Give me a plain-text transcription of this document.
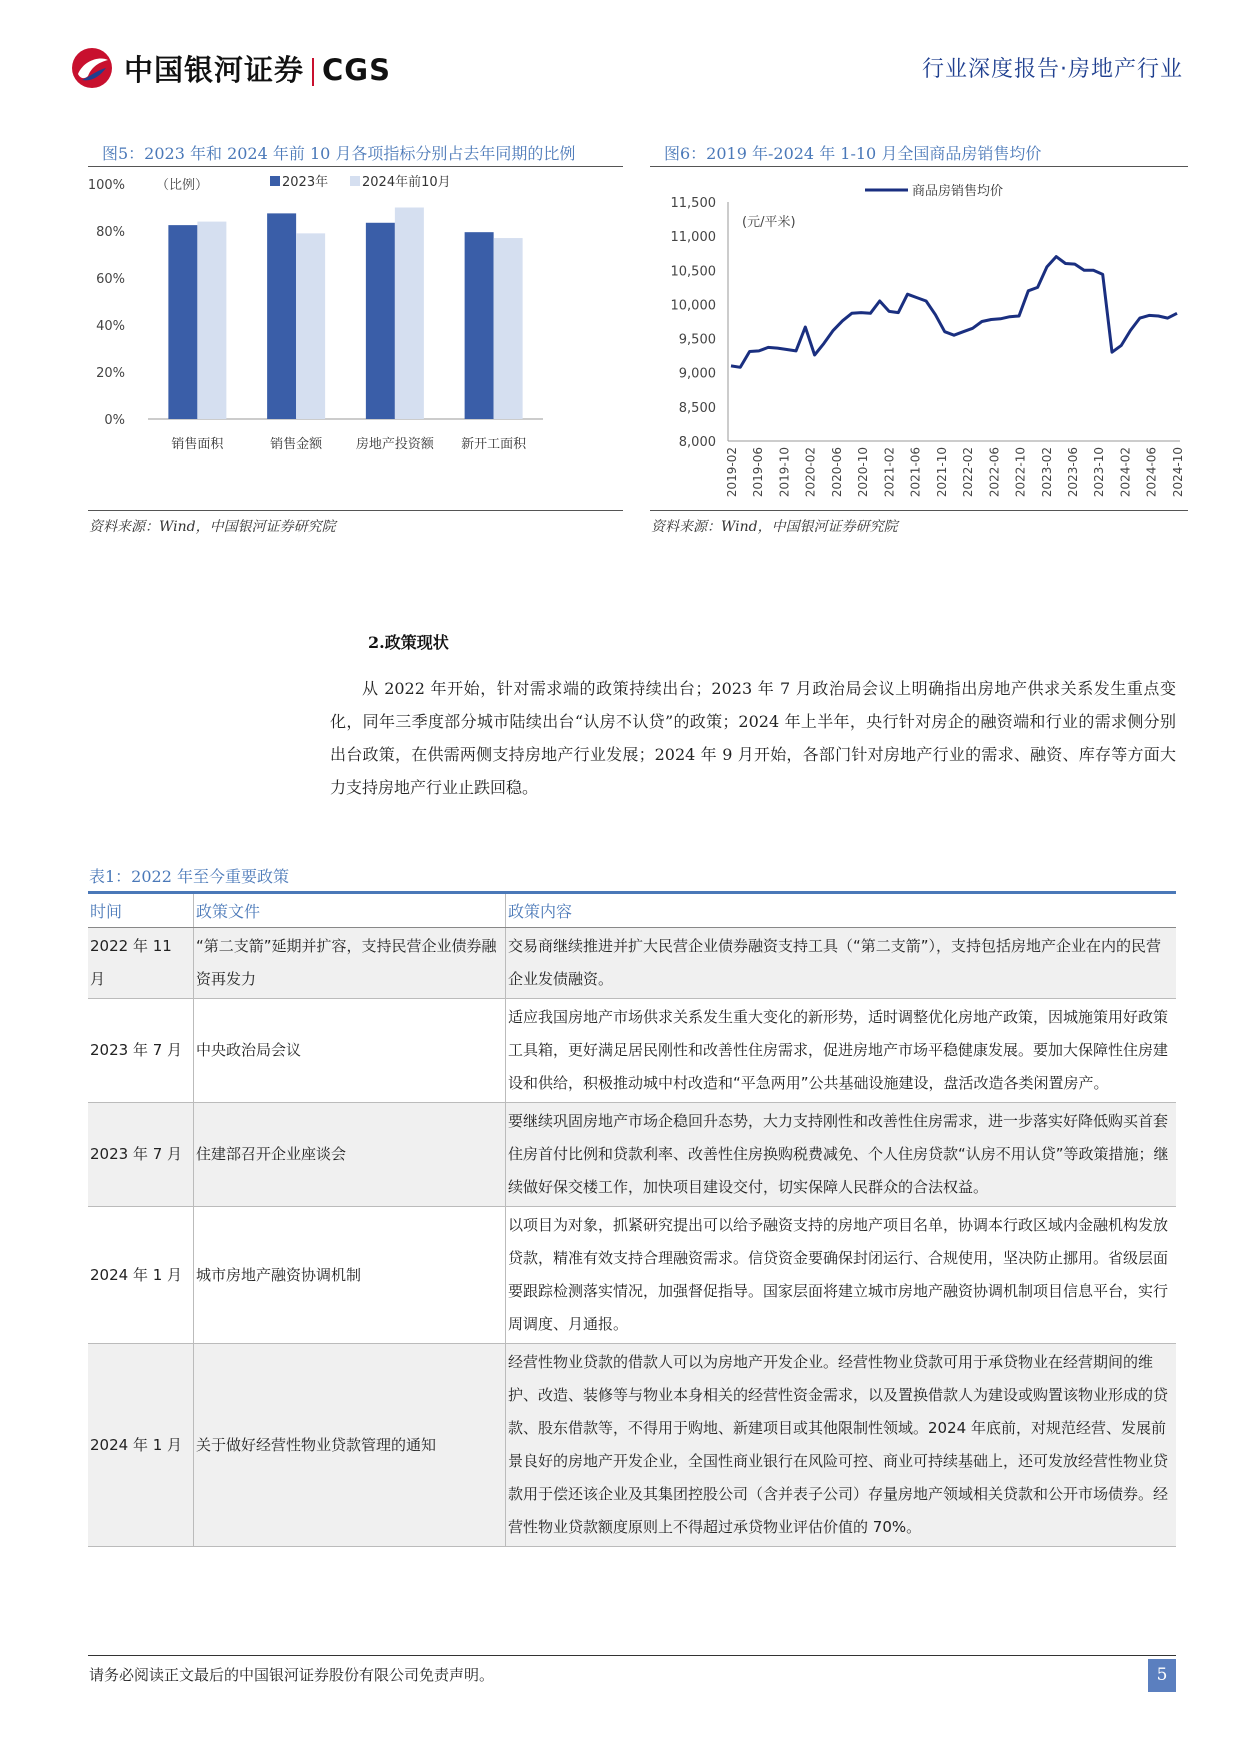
中国银河证券 CGS	行业深度报告·房地产行业
图5：2023 年和 2024 年前 10 月各项指标分别占去年同期的比例
0%
20%
40%
60%
80%
100% （比例）
销售面积	销售金额	房地产投资额 新开工面积
2023年	2024年前10月
资料来源：Wind，中国银河证券研究院
图6：2019 年-2024 年 1-10 月全国商品房销售均价
8,000
8,500
9,000
9,500
10,000
10,500
11,000
11,500
(元/平米)
2019-02 2019-06 2019-10 2020-02 2020-06 2020-10 2021-02 2021-06 2021-10 2022-02 2022-06 2022-10 2023-02 2023-06 2023-10 2024-02 2024-06 2024-10
商品房销售均价
资料来源：Wind，中国银河证券研究院
2.政策现状
从 2022 年开始，针对需求端的政策持续出台；2023 年 7 月政治局会议上明确指出房地产供求关系发生重点变化，同年三季度部分城市陆续出台“认房不认贷”的政策；2024 年上半年，央行针对房企的融资端和行业的需求侧分别出台政策，在供需两侧支持房地产行业发展；2024 年 9 月开始，各部门针对房地产行业的需求、融资、库存等方面大力支持房地产行业止跌回稳。
表1：2022 年至今重要政策
时间	政策文件	政策内容
2022 年 11 月	“第二支箭”延期并扩容，支持民营企业债券融资再发力	交易商继续推进并扩大民营企业债券融资支持工具（“第二支箭”），支持包括房地产企业在内的民营企业发债融资。
2023 年 7 月	中央政治局会议	适应我国房地产市场供求关系发生重大变化的新形势，适时调整优化房地产政策，因城施策用好政策工具箱，更好满足居民刚性和改善性住房需求，促进房地产市场平稳健康发展。要加大保障性住房建设和供给，积极推动城中村改造和“平急两用”公共基础设施建设，盘活改造各类闲置房产。
2023 年 7 月	住建部召开企业座谈会	要继续巩固房地产市场企稳回升态势，大力支持刚性和改善性住房需求，进一步落实好降低购买首套住房首付比例和贷款利率、改善性住房换购税费减免、个人住房贷款“认房不用认贷”等政策措施；继续做好保交楼工作，加快项目建设交付，切实保障人民群众的合法权益。
2024 年 1 月	城市房地产融资协调机制	以项目为对象，抓紧研究提出可以给予融资支持的房地产项目名单，协调本行政区域内金融机构发放贷款，精准有效支持合理融资需求。信贷资金要确保封闭运行、合规使用，坚决防止挪用。省级层面要跟踪检测落实情况，加强督促指导。国家层面将建立城市房地产融资协调机制项目信息平台，实行周调度、月通报。
2024 年 1 月	关于做好经营性物业贷款管理的通知	经营性物业贷款的借款人可以为房地产开发企业。经营性物业贷款可用于承贷物业在经营期间的维护、改造、装修等与物业本身相关的经营性资金需求，以及置换借款人为建设或购置该物业形成的贷款、股东借款等，不得用于购地、新建项目或其他限制性领域。2024 年底前，对规范经营、发展前景良好的房地产开发企业，全国性商业银行在风险可控、商业可持续基础上，还可发放经营性物业贷款用于偿还该企业及其集团控股公司（含并表子公司）存量房地产领域相关贷款和公开市场债券。经营性物业贷款额度原则上不得超过承贷物业评估价值的 70%。
请务必阅读正文最后的中国银河证券股份有限公司免责声明。	5
